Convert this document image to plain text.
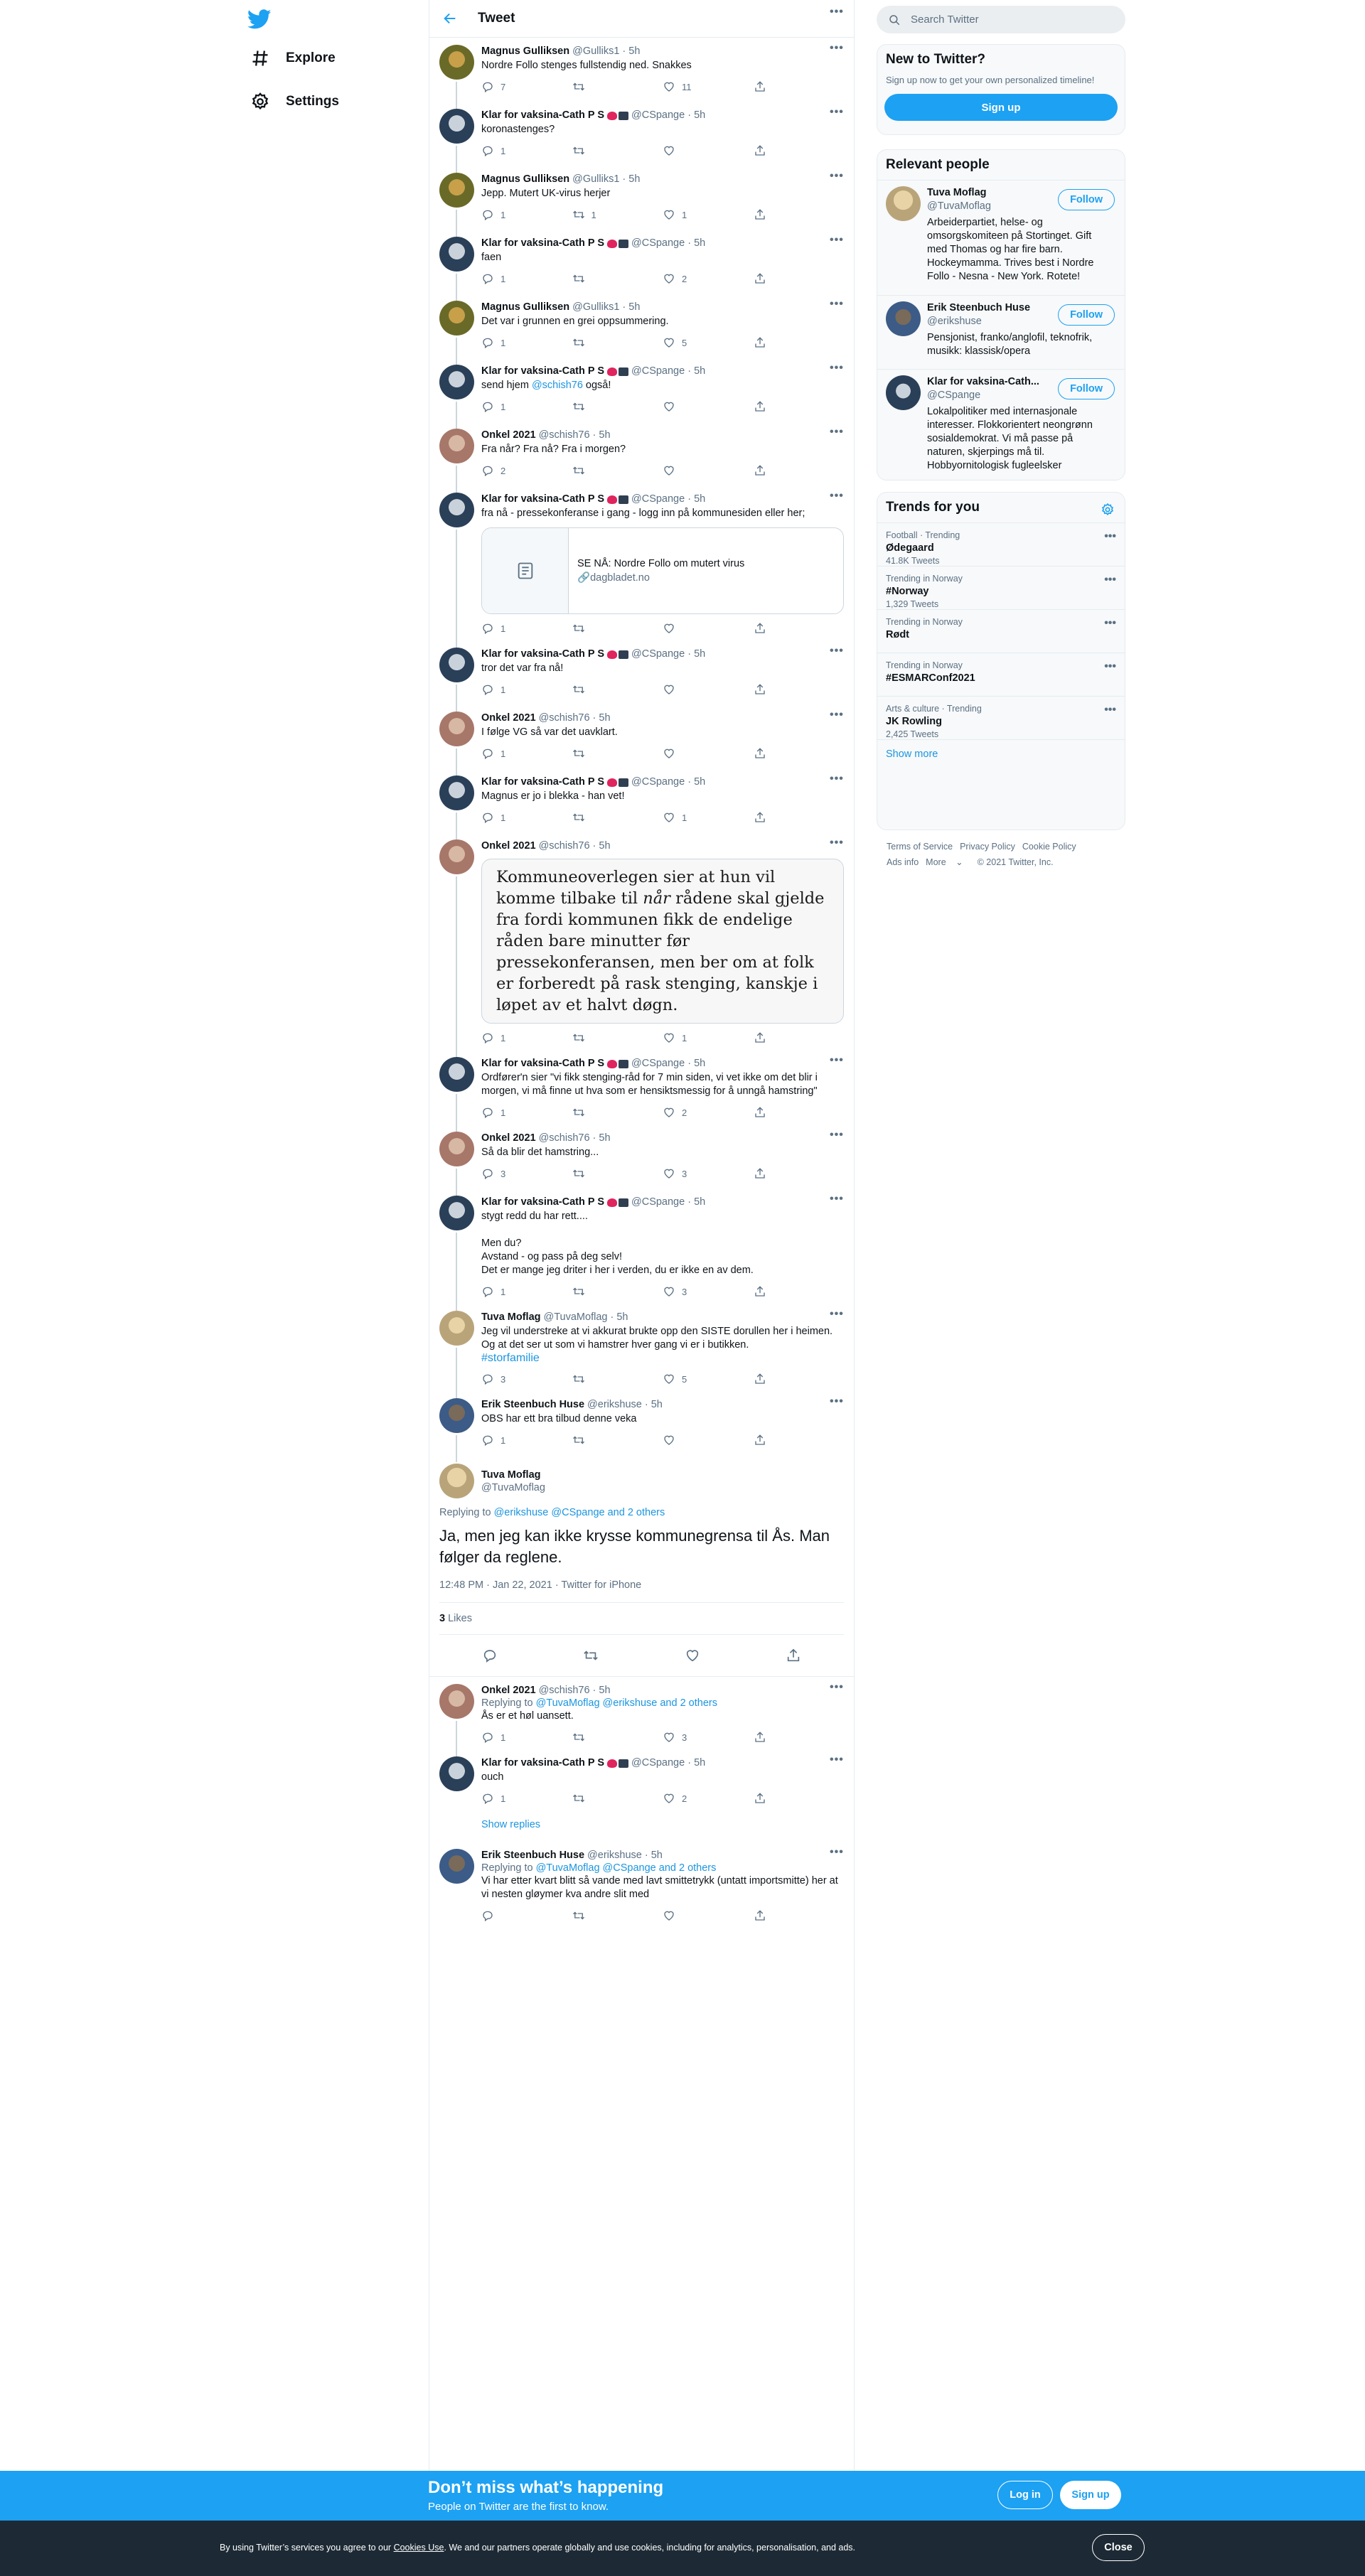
Explore
Settings
Tweet
•••
Magnus Gulliksen @Gulliks1 · 5h
Nordre Follo stenges fullstendig ned. Snakkes
7	11
•••
Klar for vaksina-Cath P S	@CSpange · 5h
koronastenges?
1
•••
Magnus Gulliksen @Gulliks1 · 5h
Jepp. Mutert UK-virus herjer
1	1	1
•••
Klar for vaksina-Cath P S	@CSpange · 5h
faen
1	2
•••
Magnus Gulliksen @Gulliks1 · 5h
Det var i grunnen en grei oppsummering.
1	5
•••
Klar for vaksina-Cath P S	@CSpange · 5h
send hjem @schish76 også!
1
•••
Onkel 2021 @schish76 · 5h
Fra når? Fra nå? Fra i morgen?
2
•••
Klar for vaksina-Cath P S	@CSpange · 5h
fra nå - pressekonferanse i gang - logg inn på kommunesiden eller her;
SE NÅ: Nordre Follo om mutert virus
🔗dagbladet.no
1
•••
Klar for vaksina-Cath P S	@CSpange · 5h
tror det var fra nå!
1
•••
Onkel 2021 @schish76 · 5h
I følge VG så var det uavklart.
1
•••
Klar for vaksina-Cath P S	@CSpange · 5h
Magnus er jo i blekka - han vet!
1	1
•••
Onkel 2021 @schish76 · 5h
Kommuneoverlegen sier at hun vil komme tilbake til når rådene skal gjelde fra fordi kommunen fikk de endelige råden bare minutter før pressekonferansen, men ber om at folk er forberedt på rask stenging, kanskje i løpet av et halvt døgn.
1	1
•••
Klar for vaksina-Cath P S	@CSpange · 5h
Ordfører'n sier "vi fikk stenging-råd for 7 min siden, vi vet ikke om det blir i morgen, vi må finne ut hva som er hensiktsmessig for å unngå hamstring"
1	2
•••
Onkel 2021 @schish76 · 5h
Så da blir det hamstring...
3	3
•••
Klar for vaksina-Cath P S	@CSpange · 5h
stygt redd du har rett....
Men du?
Avstand - og pass på deg selv!
Det er mange jeg driter i her i verden, du er ikke en av dem.
1	3
•••
Tuva Moflag @TuvaMoflag · 5h
Jeg vil understreke at vi akkurat brukte opp den SISTE dorullen her i heimen. Og at det ser ut som vi hamstrer hver gang vi er i butikken.
#storfamilie
3	5
•••
Erik Steenbuch Huse @erikshuse · 5h
OBS har ett bra tilbud denne veka
1
Tuva Moflag
@TuvaMoflag
•••
Replying to @erikshuse @CSpange and 2 others
Ja, men jeg kan ikke krysse kommunegrensa til Ås. Man følger da reglene.
12:48 PM · Jan 22, 2021 · Twitter for iPhone
3 Likes
•••
Onkel 2021 @schish76 · 5h
Replying to @TuvaMoflag @erikshuse and 2 others
Ås er et høl uansett.
1	3
•••
Klar for vaksina-Cath P S	@CSpange · 5h
ouch
1	2
Show replies
•••
Erik Steenbuch Huse @erikshuse · 5h
Replying to @TuvaMoflag @CSpange and 2 others
Vi har etter kvart blitt så vande med lavt smittetrykk (untatt importsmitte) her at vi nesten gløymer kva andre slit med
Search Twitter
New to Twitter?
Sign up now to get your own personalized timeline!
Sign up
Relevant people
Tuva Moflag
@TuvaMoflag
Arbeiderpartiet, helse- og omsorgskomiteen på Stortinget. Gift med Thomas og har fire barn. Hockeymamma. Trives best i Nordre Follo - Nesna - New York. Rotete!
Follow
Erik Steenbuch Huse
@erikshuse
Pensjonist, franko/anglofil, teknofrik, musikk: klassisk/opera
Follow
Klar for vaksina-Cath...
@CSpange
Lokalpolitiker med internasjonale interesser. Flokkorientert neongrønn sosialdemokrat. Vi må passe på naturen, skjerpings må til. Hobbyornitologisk fugleelsker
Follow
Trends for you
Football · Trending
Ødegaard
41.8K Tweets
•••
Trending in Norway
#Norway
1,329 Tweets
•••
Trending in Norway
Rødt
•••
Trending in Norway
#ESMARConf2021
•••
Arts & culture · Trending
JK Rowling
2,425 Tweets
•••
Show more
Terms of Service Privacy Policy Cookie Policy
Ads info More ⌄ © 2021 Twitter, Inc.
Don’t miss what’s happening
People on Twitter are the first to know.
Log in	Sign up
By using Twitter’s services you agree to our Cookies Use. We and our partners operate globally and use cookies, including for analytics, personalisation, and ads.	Close
